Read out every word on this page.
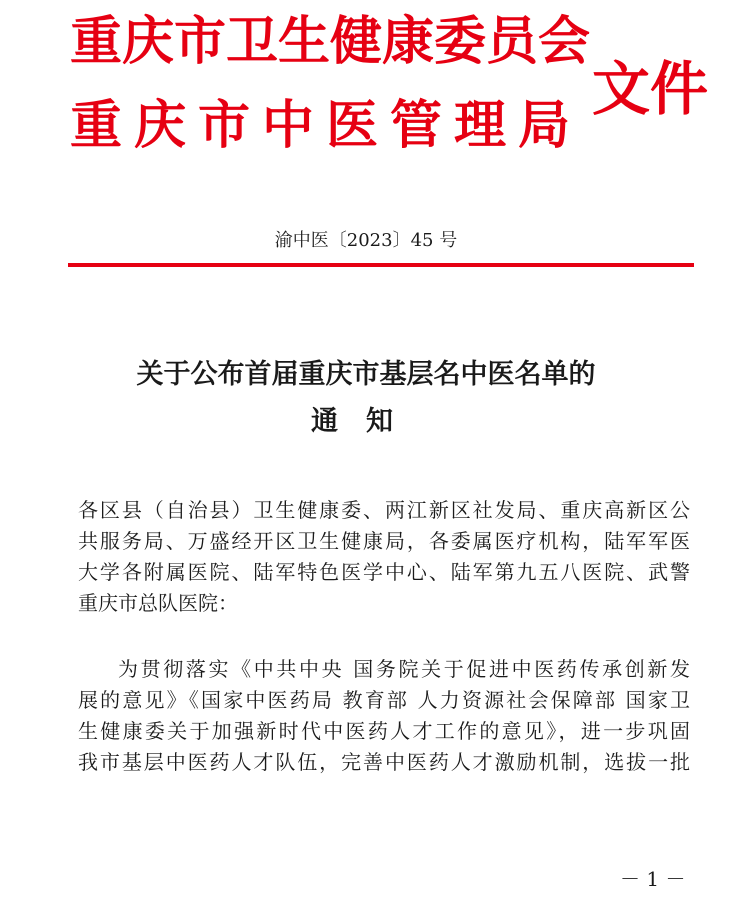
重庆市卫生健康委员会
重庆市中医管理局
文件
渝中医〔2023〕45 号
关于公布首届重庆市基层名中医名单的
通知
各区县（自治县）卫生健康委、两江新区社发局、重庆高新区公
共服务局、万盛经开区卫生健康局，各委属医疗机构，陆军军医
大学各附属医院、陆军特色医学中心、陆军第九五八医院、武警
重庆市总队医院：
为贯彻落实《中共中央 国务院关于促进中医药传承创新发
展的意见》《国家中医药局 教育部 人力资源社会保障部 国家卫
生健康委关于加强新时代中医药人才工作的意见》，进一步巩固
我市基层中医药人才队伍，完善中医药人才激励机制，选拔一批
－ 1 －
